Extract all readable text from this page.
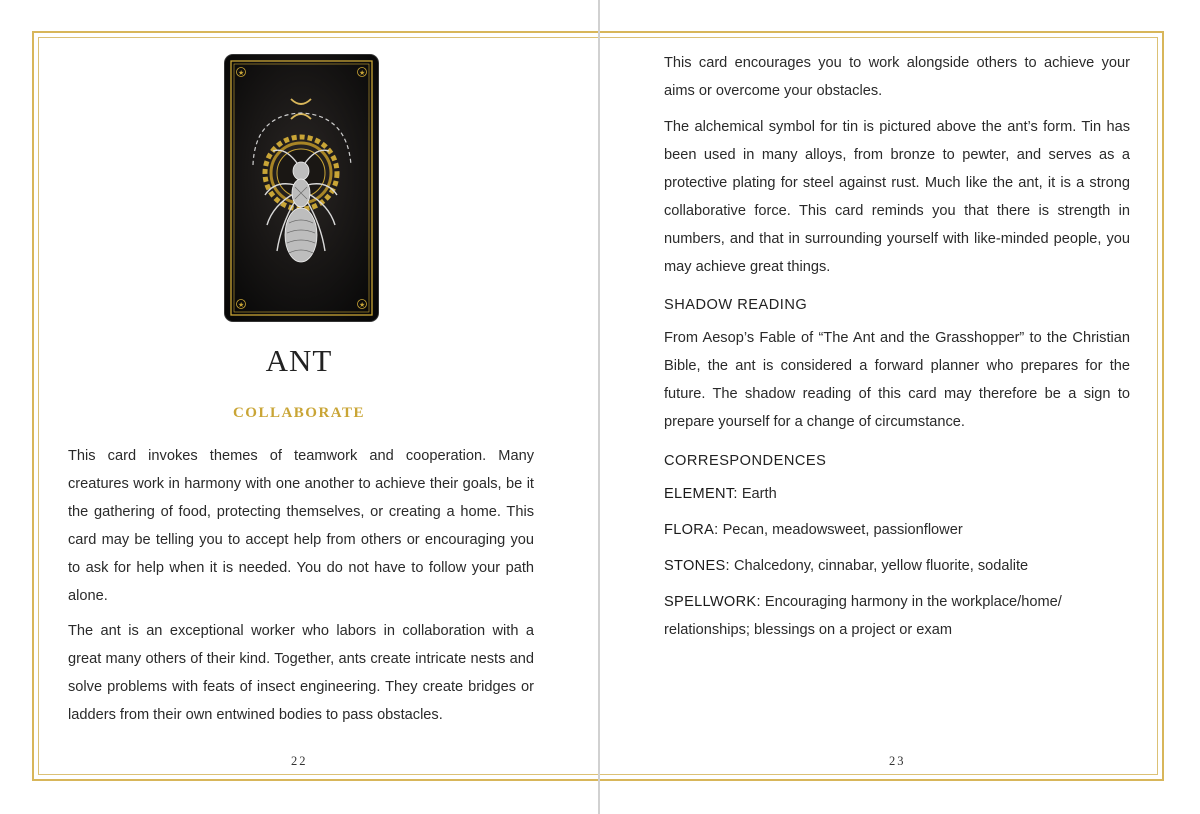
★	★
★	★
ANT
collaborate

This card invokes themes of teamwork and cooperation. Many creatures work in harmony with one another to achieve their goals, be it the gathering of food, protecting themselves, or creating a home. This card may be telling you to accept help from others or encouraging you to ask for help when it is needed. You do not have to follow your path alone.

The ant is an exceptional worker who labors in collaboration with a great many others of their kind. Together, ants create intricate nests and solve problems with feats of insect engineering. They create bridges or ladders from their own entwined bodies to pass obstacles.

22

This card encourages you to work alongside others to achieve your aims or overcome your obstacles.

The alchemical symbol for tin is pictured above the ant’s form. Tin has been used in many alloys, from bronze to pewter, and serves as a protective plating for steel against rust. Much like the ant, it is a strong collaborative force. This card reminds you that there is strength in numbers, and that in surrounding yourself with like-minded people, you may achieve great things.

SHADOW READING

From Aesop’s Fable of “The Ant and the Grasshopper” to the Christian Bible, the ant is considered a forward planner who prepares for the future. The shadow reading of this card may therefore be a sign to prepare yourself for a change of circumstance.

CORRESPONDENCES

ELEMENT: Earth

FLORA: Pecan, meadowsweet, passionflower

STONES: Chalcedony, cinnabar, yellow fluorite, sodalite

SPELLWORK: Encouraging harmony in the workplace/home/ relationships; blessings on a project or exam

23
